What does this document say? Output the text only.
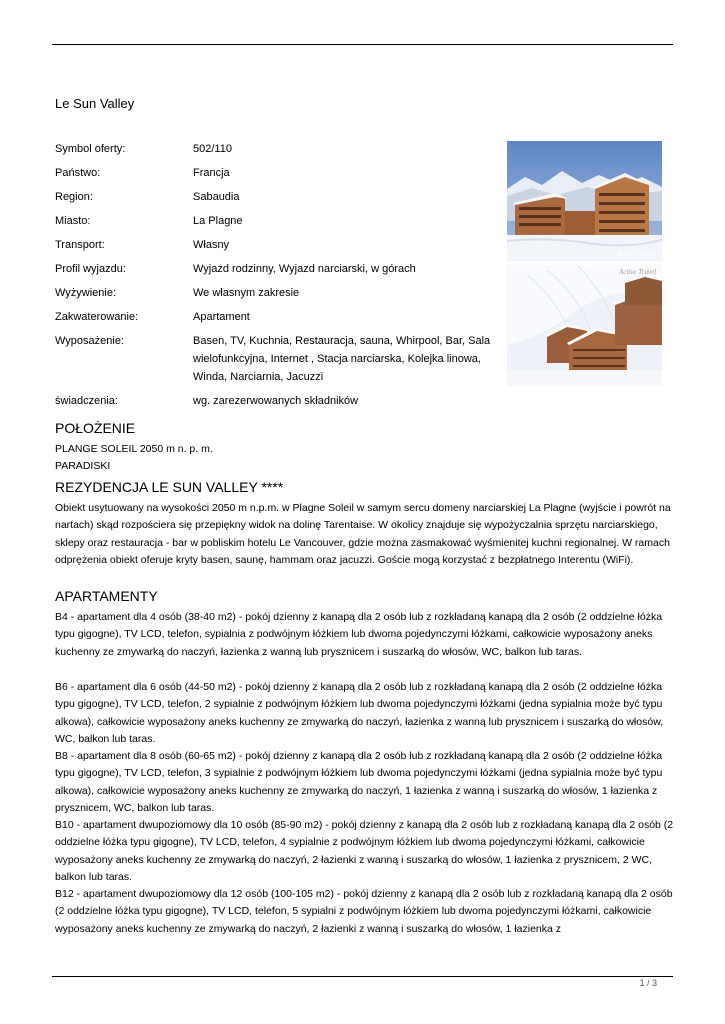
Le Sun Valley
Symbol oferty:	502/110
Państwo:	Francja
Region:	Sabaudia
Miasto:	La Plagne
Transport:	Własny
Profil wyjazdu:	Wyjazd rodzinny, Wyjazd narciarski, w górach
Wyżywienie:	We własnym zakresie
Zakwaterowanie:	Apartament
Wyposażenie:	Basen, TV, Kuchnia, Restauracja, sauna, Whirpool, Bar, Sala wielofunkcyjna, Internet , Stacja narciarska, Kolejka linowa, Winda, Narciarnia, Jacuzzi
świadczenia:	wg. zarezerwowanych składników
Active Travel
Active Travel
POŁOŻENIE
PLANGE SOLEIL 2050 m n. p. m.
PARADISKI
REZYDENCJA LE SUN VALLEY ****
Obiekt usytuowany na wysokości 2050 m n.p.m. w Plagne Soleil w samym sercu domeny narciarskiej La Plagne (wyjście i powrót na nartach) skąd rozpościera się przepiękny widok na dolinę Tarentaise. W okolicy znajduje się wypożyczalnia sprzętu narciarskiego, sklepy oraz restauracja - bar w pobliskim hotelu Le Vancouver, gdzie można zasmakować wyśmienitej kuchni regionalnej. W ramach odprężenia obiekt oferuje kryty basen, saunę, hammam oraz jacuzzi. Goście mogą korzystać z bezpłatnego Interentu (WiFi).
APARTAMENTY
B4 - apartament dla 4 osób (38-40 m2) - pokój dzienny z kanapą dla 2 osób lub z rozkładaną kanapą dla 2 osób (2 oddzielne łóżka typu gigogne), TV LCD, telefon, sypialnia z podwójnym łóżkiem lub dwoma pojedynczymi łóżkami, całkowicie wyposażony aneks kuchenny ze zmywarką do naczyń, łazienka z wanną lub prysznicem i suszarką do włosów, WC, balkon lub taras.
B6 - apartament dla 6 osób (44-50 m2) - pokój dzienny z kanapą dla 2 osób lub z rozkładaną kanapą dla 2 osób (2 oddzielne łóżka typu gigogne), TV LCD, telefon, 2 sypialnie z podwójnym łóżkiem lub dwoma pojedynczymi łóżkami (jedna sypialnia może być typu alkowa), całkowicie wyposażony aneks kuchenny ze zmywarką do naczyń, łazienka z wanną lub prysznicem i suszarką do włosów, WC, balkon lub taras.
B8 - apartament dla 8 osób (60-65 m2) - pokój dzienny z kanapą dla 2 osób lub z rozkładaną kanapą dla 2 osób (2 oddzielne łóżka typu gigogne), TV LCD, telefon, 3 sypialnie z podwójnym łóżkiem lub dwoma pojedynczymi łóżkami (jedna sypialnia może być typu alkowa), całkowicie wyposażony aneks kuchenny ze zmywarką do naczyń, 1 łazienka z wanną i suszarką do włosów, 1 łazienka z prysznicem, WC, balkon lub taras.
B10 - apartament dwupoziomowy dla 10 osób (85-90 m2) - pokój dzienny z kanapą dla 2 osób lub z rozkładaną kanapą dla 2 osób (2 oddzielne łóżka typu gigogne), TV LCD, telefon, 4 sypialnie z podwójnym łóżkiem lub dwoma pojedynczymi łóżkami, całkowicie wyposażony aneks kuchenny ze zmywarką do naczyń, 2 łazienki z wanną i suszarką do włosów, 1 łazienka z prysznicem, 2 WC, balkon lub taras.
B12 - apartament dwupoziomowy dla 12 osób (100-105 m2) - pokój dzienny z kanapą dla 2 osób lub z rozkładaną kanapą dla 2 osób (2 oddzielne łóżka typu gigogne), TV LCD, telefon, 5 sypialni z podwójnym łóżkiem lub dwoma pojedynczymi łóżkami, całkowicie wyposażony aneks kuchenny ze zmywarką do naczyń, 2 łazienki z wanną i suszarką do włosów, 1 łazienka z
1 / 3
